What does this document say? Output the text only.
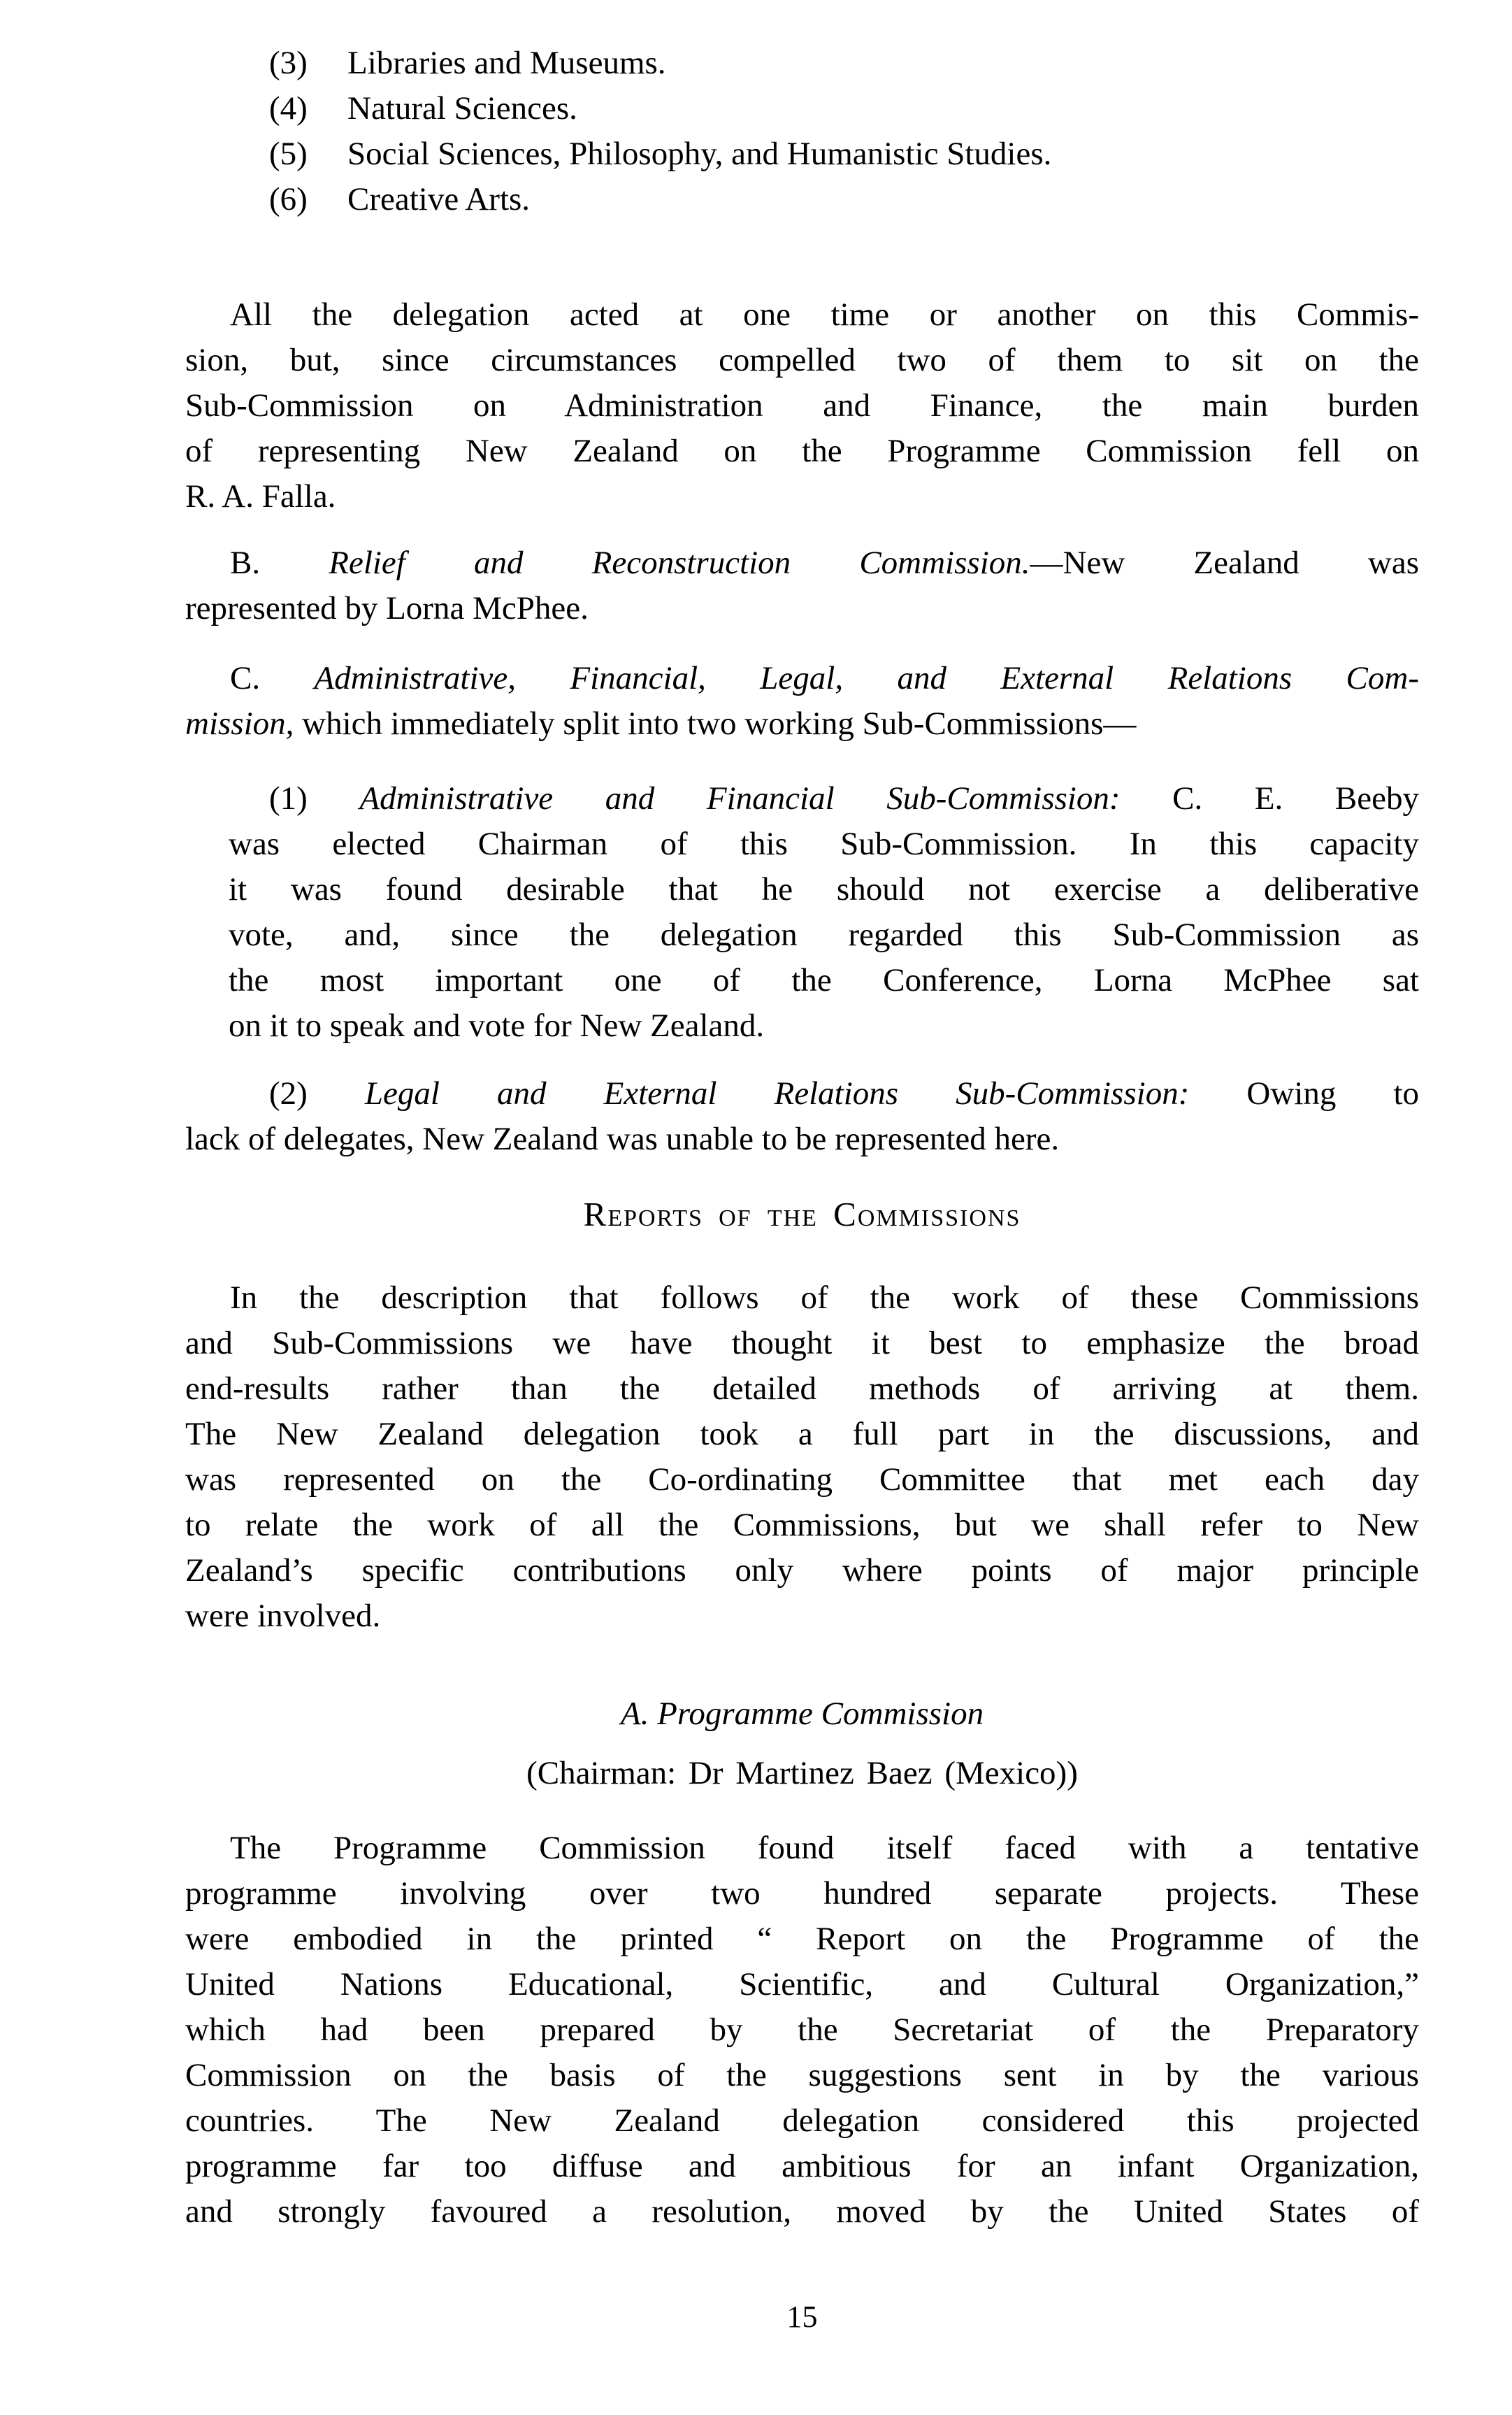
(3) Libraries and Museums.
(4) Natural Sciences.
(5) Social Sciences, Philosophy, and Humanistic Studies.
(6) Creative Arts.
All the delegation acted at one time or another on this Commis-
sion, but, since circumstances compelled two of them to sit on the
Sub-Commission on Administration and Finance, the main burden
of representing New Zealand on the Programme Commission fell on
R. A. Falla.
B. Relief and Reconstruction Commission.—New Zealand was
represented by Lorna McPhee.
C. Administrative, Financial, Legal, and External Relations Com-
mission, which immediately split into two working Sub-Commissions—
(1) Administrative and Financial Sub-Commission: C. E. Beeby
was elected Chairman of this Sub-Commission. In this capacity
it was found desirable that he should not exercise a deliberative
vote, and, since the delegation regarded this Sub-Commission as
the most important one of the Conference, Lorna McPhee sat
on it to speak and vote for New Zealand.
(2) Legal and External Relations Sub-Commission: Owing to
lack of delegates, New Zealand was unable to be represented here.
Reports of the Commissions
In the description that follows of the work of these Commissions
and Sub-Commissions we have thought it best to emphasize the broad
end-results rather than the detailed methods of arriving at them.
The New Zealand delegation took a full part in the discussions, and
was represented on the Co-ordinating Committee that met each day
to relate the work of all the Commissions, but we shall refer to New
Zealand’s specific contributions only where points of major principle
were involved.
A. Programme Commission
(Chairman: Dr Martinez Baez (Mexico))
The Programme Commission found itself faced with a tentative
programme involving over two hundred separate projects. These
were embodied in the printed “ Report on the Programme of the
United Nations Educational, Scientific, and Cultural Organization,”
which had been prepared by the Secretariat of the Preparatory
Commission on the basis of the suggestions sent in by the various
countries. The New Zealand delegation considered this projected
programme far too diffuse and ambitious for an infant Organization,
and strongly favoured a resolution, moved by the United States of
15
